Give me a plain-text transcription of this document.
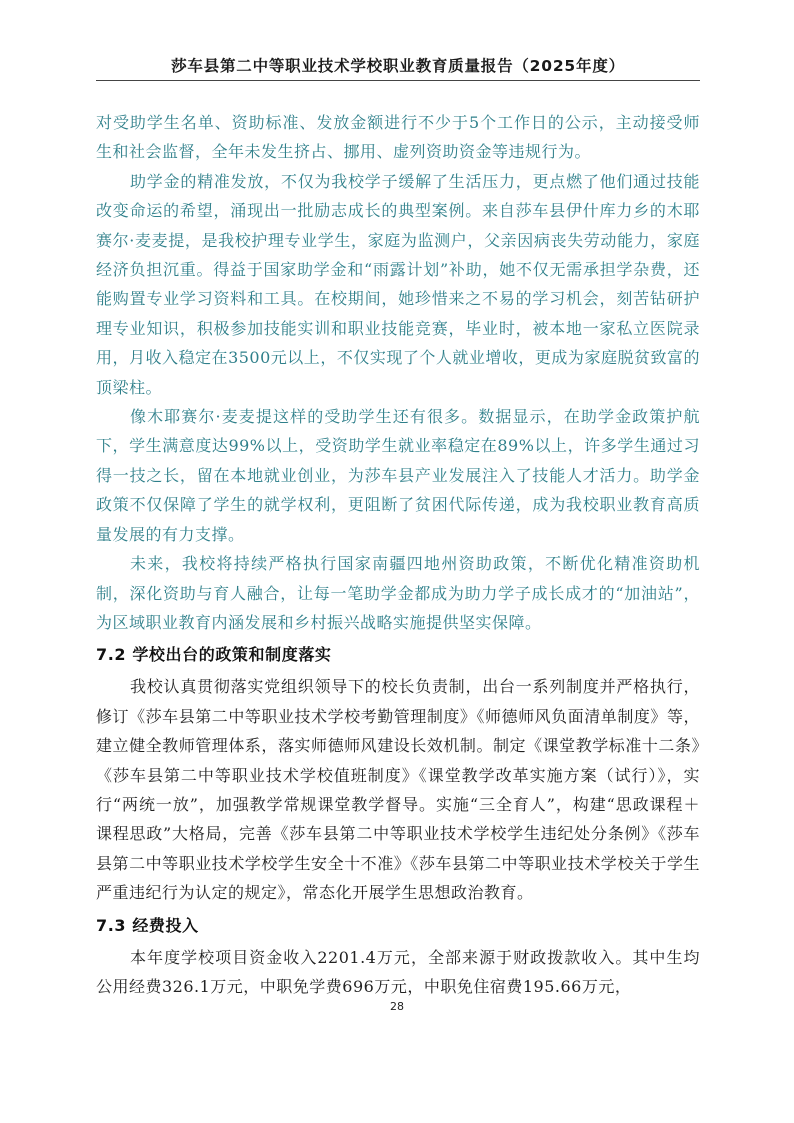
莎车县第二中等职业技术学校职业教育质量报告（2025年度）

对受助学生名单、资助标准、发放金额进行不少于5个工作日的公示，主动接受师生和社会监督，全年未发生挤占、挪用、虚列资助资金等违规行为。

助学金的精准发放，不仅为我校学子缓解了生活压力，更点燃了他们通过技能改变命运的希望，涌现出一批励志成长的典型案例。来自莎车县伊什库力乡的木耶赛尔·麦麦提，是我校护理专业学生，家庭为监测户，父亲因病丧失劳动能力，家庭经济负担沉重。得益于国家助学金和“雨露计划”补助，她不仅无需承担学杂费，还能购置专业学习资料和工具。在校期间，她珍惜来之不易的学习机会，刻苦钻研护理专业知识，积极参加技能实训和职业技能竞赛，毕业时，被本地一家私立医院录用，月收入稳定在3500元以上，不仅实现了个人就业增收，更成为家庭脱贫致富的顶梁柱。

像木耶赛尔·麦麦提这样的受助学生还有很多。数据显示，在助学金政策护航下，学生满意度达99%以上，受资助学生就业率稳定在89%以上，许多学生通过习得一技之长，留在本地就业创业，为莎车县产业发展注入了技能人才活力。助学金政策不仅保障了学生的就学权利，更阻断了贫困代际传递，成为我校职业教育高质量发展的有力支撑。

未来，我校将持续严格执行国家南疆四地州资助政策，不断优化精准资助机制，深化资助与育人融合，让每一笔助学金都成为助力学子成长成才的“加油站”，为区域职业教育内涵发展和乡村振兴战略实施提供坚实保障。

7.2 学校出台的政策和制度落实

我校认真贯彻落实党组织领导下的校长负责制，出台一系列制度并严格执行，修订《莎车县第二中等职业技术学校考勤管理制度》《师德师风负面清单制度》等，建立健全教师管理体系，落实师德师风建设长效机制。制定《课堂教学标准十二条》《莎车县第二中等职业技术学校值班制度》《课堂教学改革实施方案（试行）》，实行“两统一放”，加强教学常规课堂教学督导。实施“三全育人”，构建“思政课程＋课程思政”大格局，完善《莎车县第二中等职业技术学校学生违纪处分条例》《莎车县第二中等职业技术学校学生安全十不准》《莎车县第二中等职业技术学校关于学生严重违纪行为认定的规定》，常态化开展学生思想政治教育。

7.3 经费投入

本年度学校项目资金收入2201.4万元，全部来源于财政拨款收入。其中生均公用经费326.1万元，中职免学费696万元，中职免住宿费195.66万元，

28
